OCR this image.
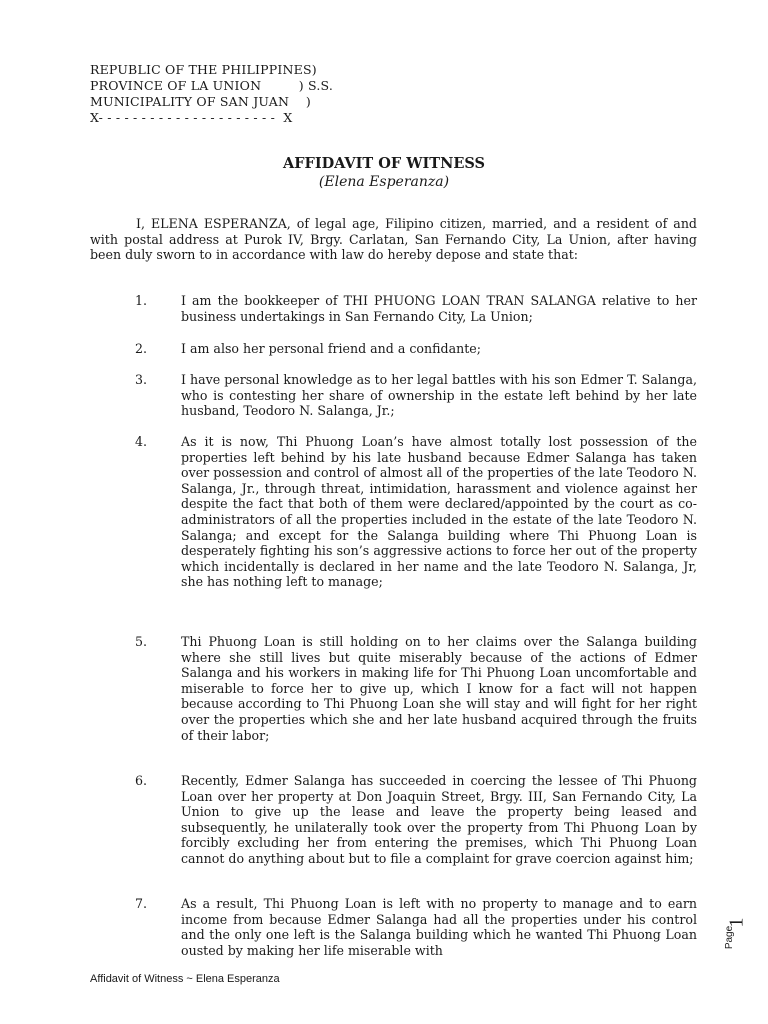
REPUBLIC OF THE PHILIPPINES)
PROVINCE OF LA UNION         ) S.S.
MUNICIPALITY OF SAN JUAN    )
X- - - - - - - - - - - - - - - - - - - - -  X
AFFIDAVIT OF WITNESS
(Elena Esperanza)
I, ELENA ESPERANZA, of legal age, Filipino citizen, married, and a resident of and with postal address at Purok IV, Brgy. Carlatan, San Fernando City, La Union, after having been duly sworn to in accordance with law do hereby depose and state that:
1.	I am the bookkeeper of THI PHUONG LOAN TRAN SALANGA relative to her business undertakings in San Fernando City, La Union;
2.	I am also her personal friend and a confidante;
3.	I have personal knowledge as to her legal battles with his son Edmer T. Salanga, who is contesting her share of ownership in the estate left behind by her late husband, Teodoro N. Salanga, Jr.;
4.	As it is now, Thi Phuong Loan’s have almost totally lost possession of the properties left behind by his late husband because Edmer Salanga has taken over possession and control of almost all of the properties of the late Teodoro N. Salanga, Jr., through threat, intimidation, harassment and violence against her despite the fact that both of them were declared/appointed by the court as co-administrators of all the properties included in the estate of the late Teodoro N. Salanga; and except for the Salanga building where Thi Phuong Loan is desperately fighting his son’s aggressive actions to force her out of the property which incidentally is declared in her name and the late Teodoro N. Salanga, Jr, she has nothing left to manage;
5.	Thi Phuong Loan is still holding on to her claims over the Salanga building where she still lives but quite miserably because of the actions of Edmer Salanga and his workers in making life for Thi Phuong Loan uncomfortable and miserable to force her to give up, which I know for a fact will not happen because according to Thi Phuong Loan she will stay and will fight for her right over the properties which she and her late husband acquired through the fruits of their labor;
6.	Recently, Edmer Salanga has succeeded in coercing the lessee of Thi Phuong Loan over her property at Don Joaquin Street, Brgy. III, San Fernando City, La Union to give up the lease and leave the property being leased and subsequently, he unilaterally took over the property from Thi Phuong Loan by forcibly excluding her from entering the premises, which Thi Phuong Loan cannot do anything about but to file a complaint for grave coercion against him;
7.	As a result, Thi Phuong Loan is left with no property to manage and to earn income from because Edmer Salanga had all the properties under his control and the only one left is the Salanga building which he wanted Thi Phuong Loan ousted by making her life miserable with
Page
1
Affidavit of Witness ~ Elena Esperanza
